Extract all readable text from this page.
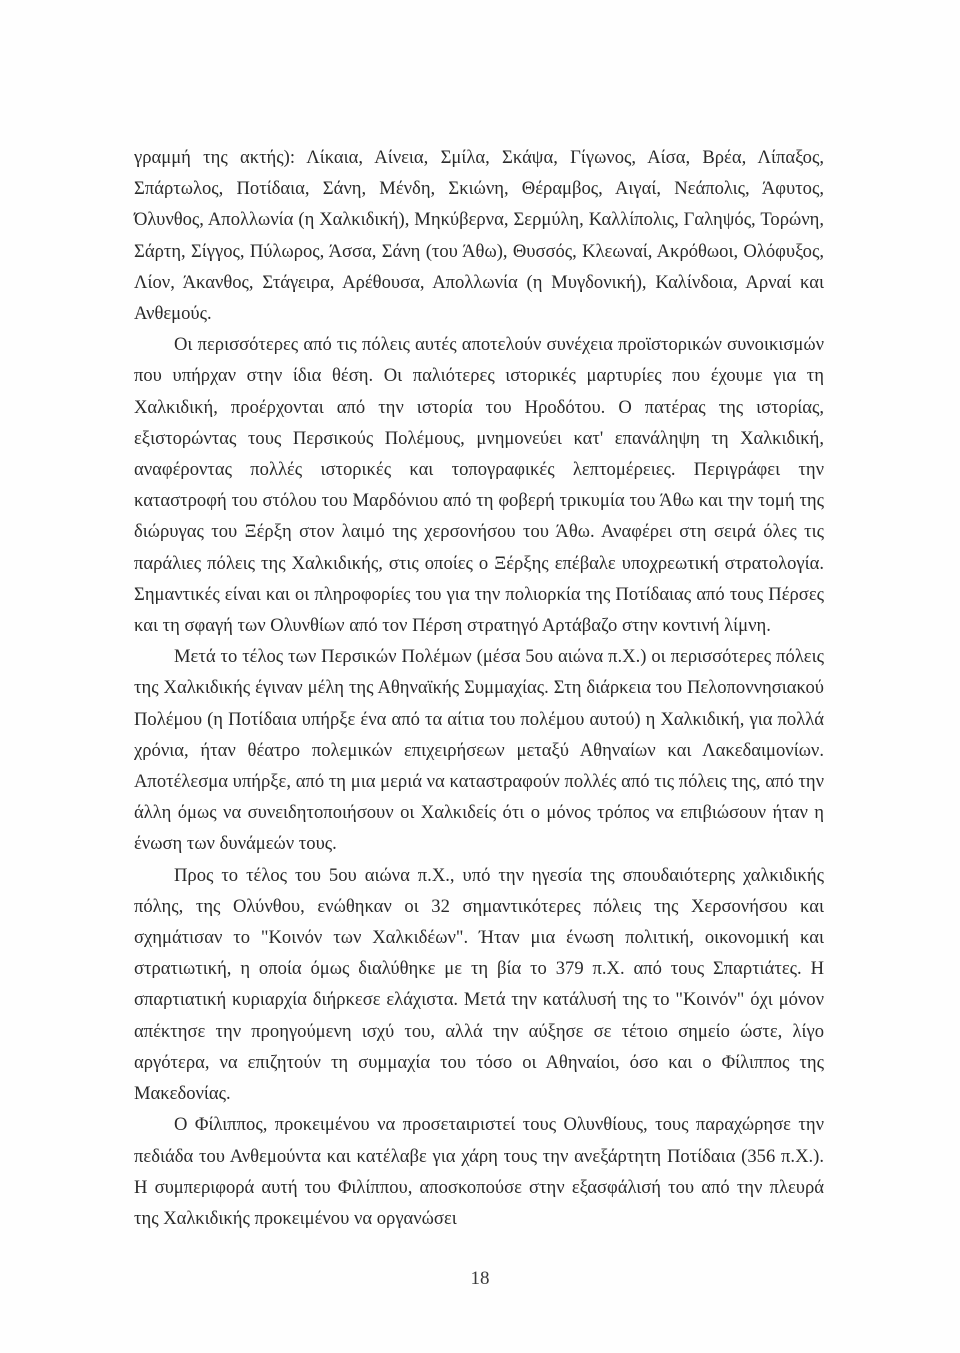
γραμμή της ακτής): Λίκαια, Αίνεια, Σμίλα, Σκάψα, Γίγωνος, Αίσα, Βρέα, Λίπαξος, Σπάρτωλος, Ποτίδαια, Σάνη, Μένδη, Σκιώνη, Θέραμβος, Αιγαί, Νεάπολις, Άφυτος, Όλυνθος, Απολλωνία (η Χαλκιδική), Μηκύβερνα, Σερμύλη, Καλλίπολις, Γαληψός, Τορώνη, Σάρτη, Σίγγος, Πύλωρος, Άσσα, Σάνη (του Άθω), Θυσσός, Κλεωναί, Ακρόθωοι, Ολόφυξος, Λίον, Άκανθος, Στάγειρα, Αρέθουσα, Απολλωνία (η Μυγδονική), Καλίνδοια, Αρναί και Ανθεμούς.

Οι περισσότερες από τις πόλεις αυτές αποτελούν συνέχεια προϊστορικών συνοικισμών που υπήρχαν στην ίδια θέση. Οι παλιότερες ιστορικές μαρτυρίες που έχουμε για τη Χαλκιδική, προέρχονται από την ιστορία του Ηροδότου. Ο πατέρας της ιστορίας, εξιστορώντας τους Περσικούς Πολέμους, μνημονεύει κατ' επανάληψη τη Χαλκιδική, αναφέροντας πολλές ιστορικές και τοπογραφικές λεπτομέρειες. Περιγράφει την καταστροφή του στόλου του Μαρδόνιου από τη φοβερή τρικυμία του Άθω και την τομή της διώρυγας του Ξέρξη στον λαιμό της χερσονήσου του Άθω. Αναφέρει στη σειρά όλες τις παράλιες πόλεις της Χαλκιδικής, στις οποίες ο Ξέρξης επέβαλε υποχρεωτική στρατολογία. Σημαντικές είναι και οι πληροφορίες του για την πολιορκία της Ποτίδαιας από τους Πέρσες και τη σφαγή των Ολυνθίων από τον Πέρση στρατηγό Αρτάβαζο στην κοντινή λίμνη.

Μετά το τέλος των Περσικών Πολέμων (μέσα 5ου αιώνα π.Χ.) οι περισσότερες πόλεις της Χαλκιδικής έγιναν μέλη της Αθηναϊκής Συμμαχίας. Στη διάρκεια του Πελοποννησιακού Πολέμου (η Ποτίδαια υπήρξε ένα από τα αίτια του πολέμου αυτού) η Χαλκιδική, για πολλά χρόνια, ήταν θέατρο πολεμικών επιχειρήσεων μεταξύ Αθηναίων και Λακεδαιμονίων. Αποτέλεσμα υπήρξε, από τη μια μεριά να καταστραφούν πολλές από τις πόλεις της, από την άλλη όμως να συνειδητοποιήσουν οι Χαλκιδείς ότι ο μόνος τρόπος να επιβιώσουν ήταν η ένωση των δυνάμεών τους.

Προς το τέλος του 5ου αιώνα π.Χ., υπό την ηγεσία της σπουδαιότερης χαλκιδικής πόλης, της Ολύνθου, ενώθηκαν οι 32 σημαντικότερες πόλεις της Χερσονήσου και σχημάτισαν το "Κοινόν των Χαλκιδέων". Ήταν μια ένωση πολιτική, οικονομική και στρατιωτική, η οποία όμως διαλύθηκε με τη βία το 379 π.Χ. από τους Σπαρτιάτες. Η σπαρτιατική κυριαρχία διήρκεσε ελάχιστα. Μετά την κατάλυσή της το "Κοινόν" όχι μόνον απέκτησε την προηγούμενη ισχύ του, αλλά την αύξησε σε τέτοιο σημείο ώστε, λίγο αργότερα, να επιζητούν τη συμμαχία του τόσο οι Αθηναίοι, όσο και ο Φίλιππος της Μακεδονίας.

Ο Φίλιππος, προκειμένου να προσεταιριστεί τους Ολυνθίους, τους παραχώρησε την πεδιάδα του Ανθεμούντα και κατέλαβε για χάρη τους την ανεξάρτητη Ποτίδαια (356 π.Χ.). Η συμπεριφορά αυτή του Φιλίππου, αποσκοπούσε στην εξασφάλισή του από την πλευρά της Χαλκιδικής προκειμένου να οργανώσει

18
